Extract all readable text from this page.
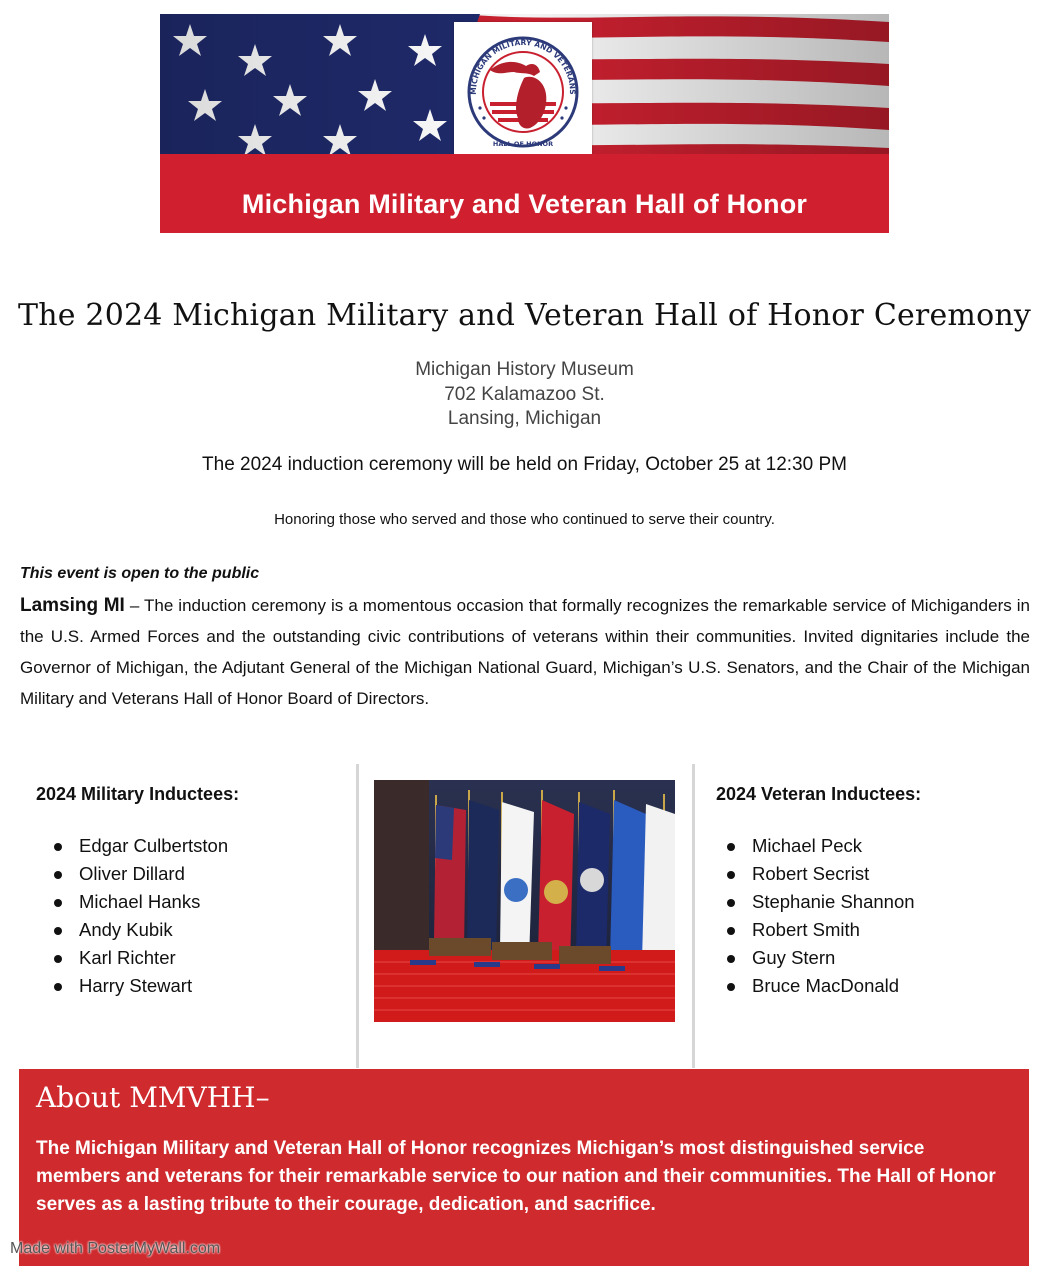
MICHIGAN MILITARY AND VETERANS
HALL OF HONOR
Michigan Military and Veteran Hall of Honor
The 2024 Michigan Military and Veteran Hall of Honor Ceremony
Michigan History Museum
702 Kalamazoo St.
Lansing, Michigan
The 2024 induction ceremony will be held on Friday, October 25 at 12:30 PM
Honoring those who served and those who continued to serve their country.
This event is open to the public
Lamsing MI – The induction ceremony is a momentous occasion that formally recognizes the remarkable service of Michiganders in the U.S. Armed Forces and the outstanding civic contributions of veterans within their communities. Invited dignitaries include the Governor of Michigan, the Adjutant General of the Michigan National Guard, Michigan’s U.S. Senators, and the Chair of the Michigan Military and Veterans Hall of Honor Board of Directors.
2024 Military Inductees:
Edgar Culbertston
Oliver Dillard
Michael Hanks
Andy Kubik
Karl Richter
Harry Stewart
2024 Veteran Inductees:
Michael Peck
Robert Secrist
Stephanie Shannon
Robert Smith
Guy Stern
Bruce MacDonald
About MMVHH–
The Michigan Military and Veteran Hall of Honor recognizes Michigan’s most distinguished service members and veterans for their remarkable service to our nation and their communities. The Hall of Honor serves as a lasting tribute to their courage, dedication, and sacrifice.
Made with PosterMyWall.com
